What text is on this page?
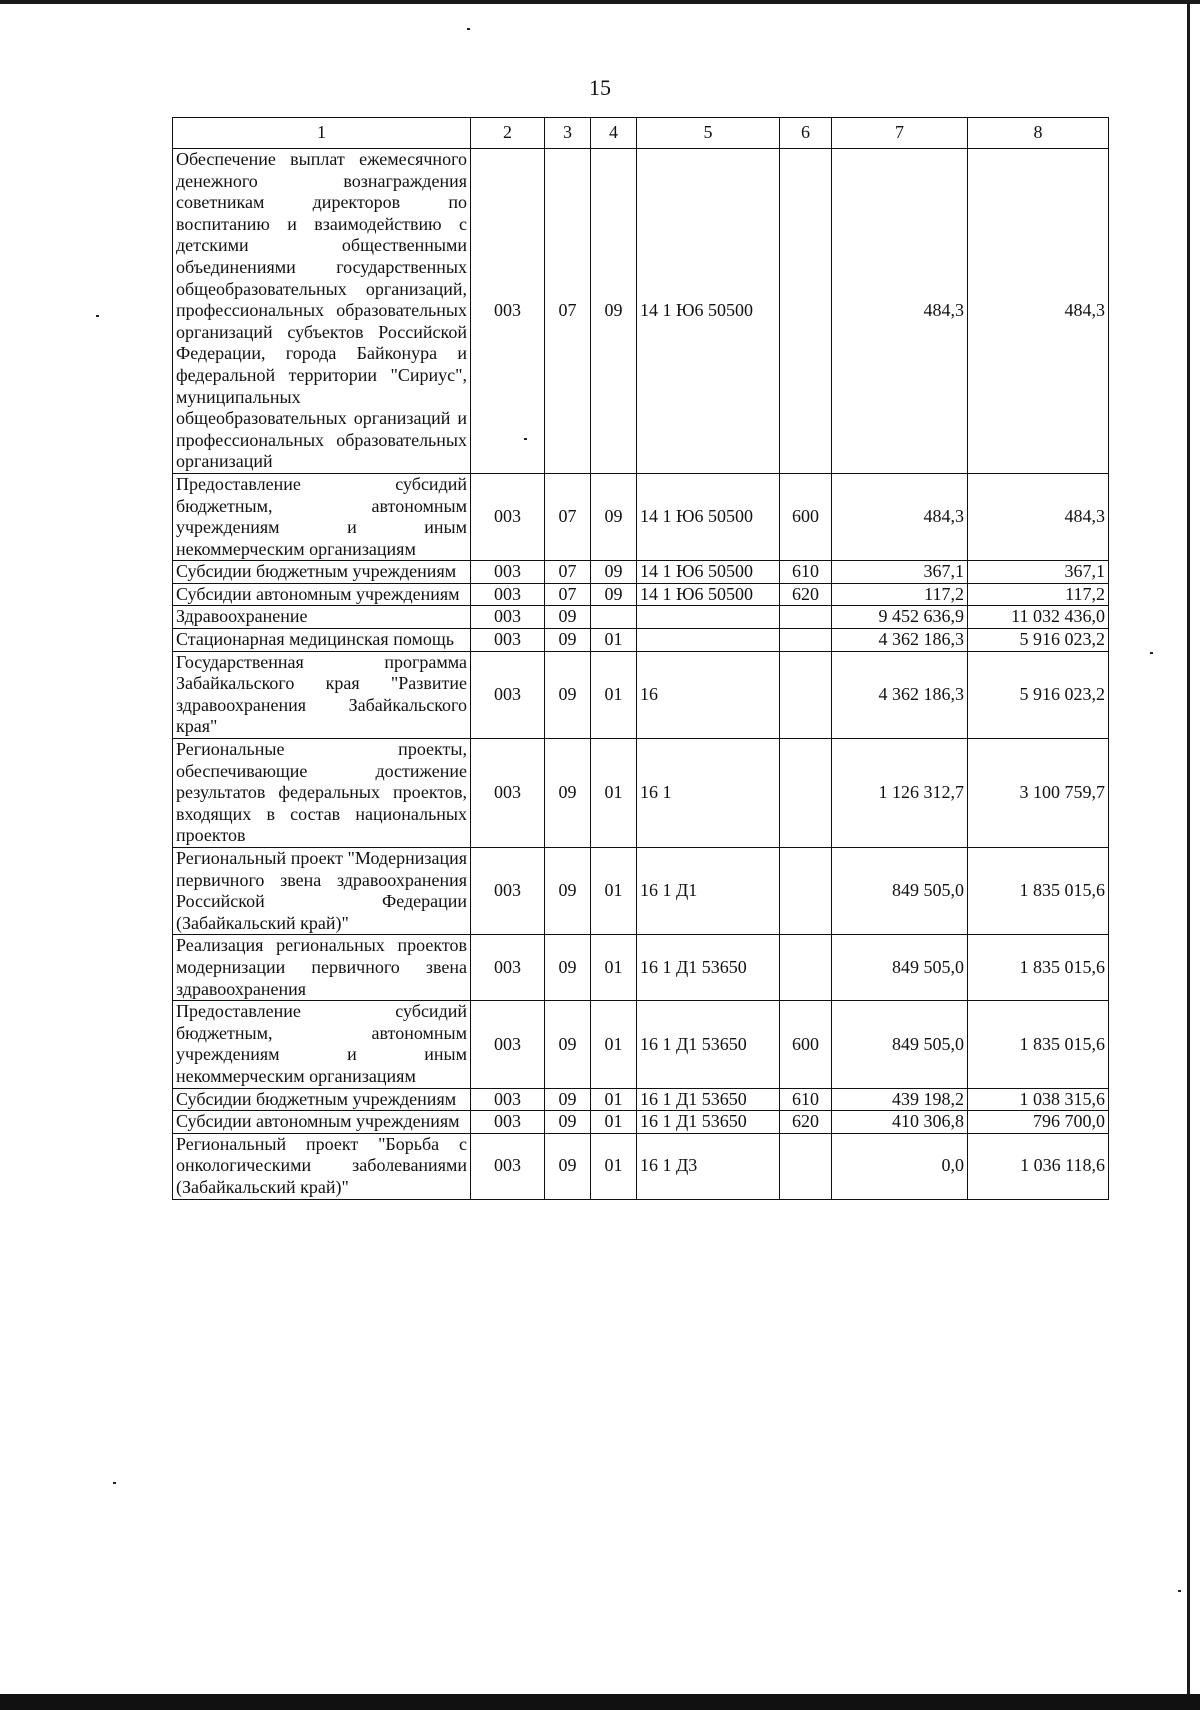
15
1	2	3	4	5	6	7	8
Обеспечение выплат ежемесячного денежного вознаграждения советникам директоров по воспитанию и взаимодействию с детскими общественными объединениями государственных общеобразовательных организаций, профессиональных образовательных организаций субъектов Российской Федерации, города Байконура и федеральной территории "Сириус", муниципальных общеобразовательных организаций и профессиональных образовательных организаций	003	07	09	14 1 Ю6 50500		484,3	484,3
Предоставление субсидий бюджетным, автономным учреждениям и иным некоммерческим организациям	003	07	09	14 1 Ю6 50500	600	484,3	484,3
Субсидии бюджетным учреждениям	003	07	09	14 1 Ю6 50500	610	367,1	367,1
Субсидии автономным учреждениям	003	07	09	14 1 Ю6 50500	620	117,2	117,2
Здравоохранение	003	09				9 452 636,9	11 032 436,0
Стационарная медицинская помощь	003	09	01			4 362 186,3	5 916 023,2
Государственная программа Забайкальского края "Развитие здравоохранения Забайкальского края"	003	09	01	16		4 362 186,3	5 916 023,2
Региональные проекты, обеспечивающие достижение результатов федеральных проектов, входящих в состав национальных проектов	003	09	01	16 1		1 126 312,7	3 100 759,7
Региональный проект "Модернизация первичного звена здравоохранения Российской Федерации (Забайкальский край)"	003	09	01	16 1 Д1		849 505,0	1 835 015,6
Реализация региональных проектов модернизации первичного звена здравоохранения	003	09	01	16 1 Д1 53650		849 505,0	1 835 015,6
Предоставление субсидий бюджетным, автономным учреждениям и иным некоммерческим организациям	003	09	01	16 1 Д1 53650	600	849 505,0	1 835 015,6
Субсидии бюджетным учреждениям	003	09	01	16 1 Д1 53650	610	439 198,2	1 038 315,6
Субсидии автономным учреждениям	003	09	01	16 1 Д1 53650	620	410 306,8	796 700,0
Региональный проект "Борьба с онкологическими заболеваниями (Забайкальский край)"	003	09	01	16 1 Д3		0,0	1 036 118,6
